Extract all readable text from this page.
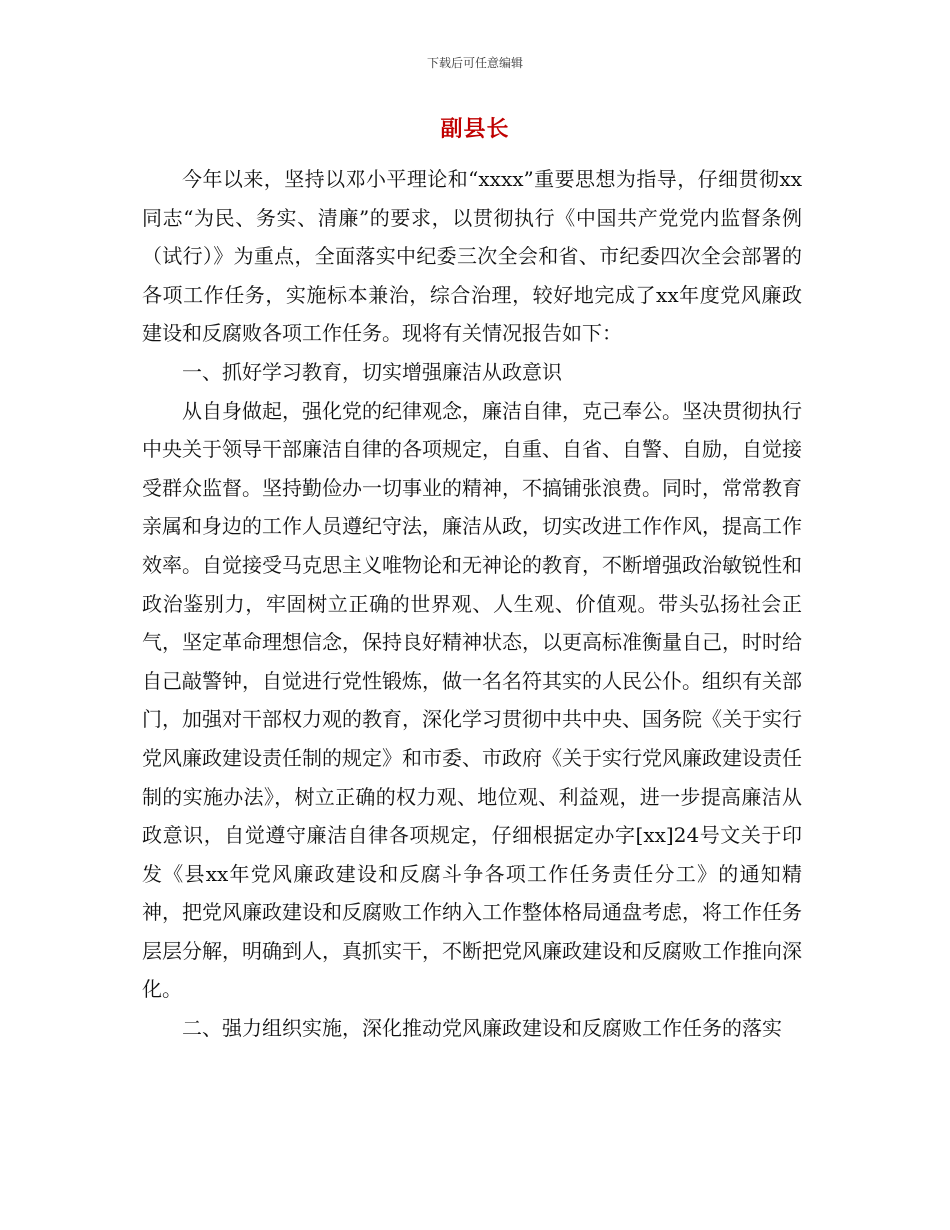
下载后可任意编辑
副县长

今年以来，坚持以邓小平理论和“xxxx”重要思想为指导，仔细贯彻xx同志“为民、务实、清廉”的要求，以贯彻执行《中国共产党党内监督条例（试行）》为重点，全面落实中纪委三次全会和省、市纪委四次全会部署的各项工作任务，实施标本兼治，综合治理，较好地完成了xx年度党风廉政建设和反腐败各项工作任务。现将有关情况报告如下：

一、抓好学习教育，切实增强廉洁从政意识

从自身做起，强化党的纪律观念，廉洁自律，克己奉公。坚决贯彻执行中央关于领导干部廉洁自律的各项规定，自重、自省、自警、自励，自觉接受群众监督。坚持勤俭办一切事业的精神，不搞铺张浪费。同时，常常教育亲属和身边的工作人员遵纪守法，廉洁从政，切实改进工作作风，提高工作效率。自觉接受马克思主义唯物论和无神论的教育，不断增强政治敏锐性和政治鉴别力，牢固树立正确的世界观、人生观、价值观。带头弘扬社会正气，坚定革命理想信念，保持良好精神状态，以更高标准衡量自己，时时给自己敲警钟，自觉进行党性锻炼，做一名名符其实的人民公仆。组织有关部门，加强对干部权力观的教育，深化学习贯彻中共中央、国务院《关于实行党风廉政建设责任制的规定》和市委、市政府《关于实行党风廉政建设责任制的实施办法》，树立正确的权力观、地位观、利益观，进一步提高廉洁从政意识，自觉遵守廉洁自律各项规定，仔细根据定办字[xx]24号文关于印发《县xx年党风廉政建设和反腐斗争各项工作任务责任分工》的通知精神，把党风廉政建设和反腐败工作纳入工作整体格局通盘考虑，将工作任务层层分解，明确到人，真抓实干，不断把党风廉政建设和反腐败工作推向深化。

二、强力组织实施，深化推动党风廉政建设和反腐败工作任务的落实
